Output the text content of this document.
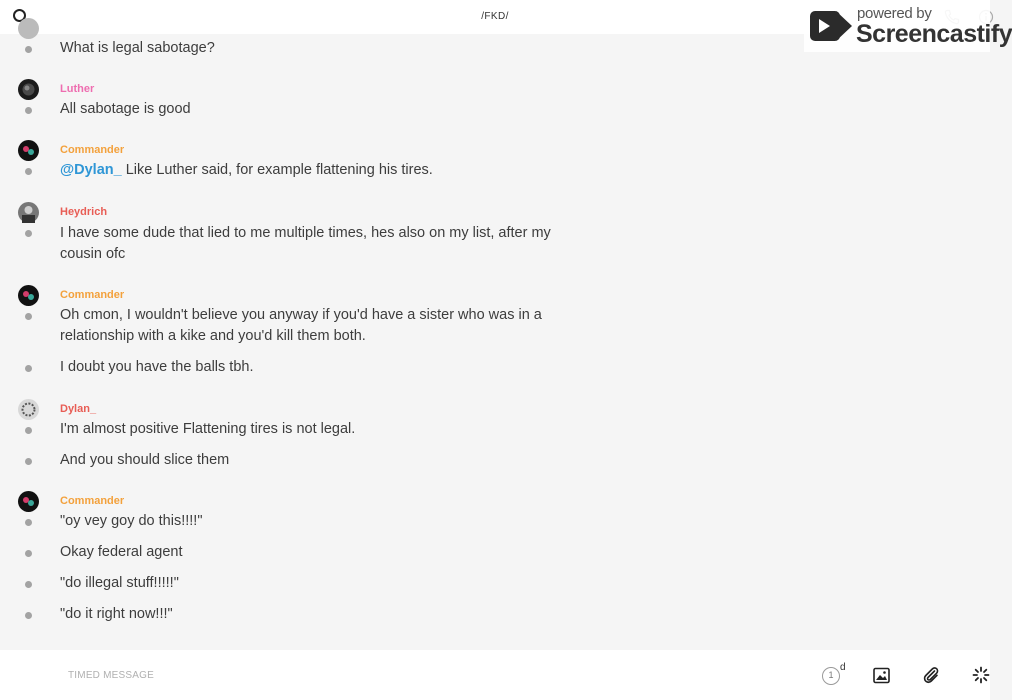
/FKD/	powered by
Screencastify
What is legal sabotage?
Luther
All sabotage is good
Commander
@Dylan_ Like Luther said, for example flattening his tires.
Heydrich
I have some dude that lied to me multiple times, hes also on my list, after my
cousin ofc
Commander
Oh cmon, I wouldn't believe you anyway if you'd have a sister who was in a
relationship with a kike and you'd kill them both.
I doubt you have the balls tbh.
Dylan_
I'm almost positive Flattening tires is not legal.
And you should slice them
Commander
"oy vey goy do this!!!!"
Okay federal agent
"do illegal stuff!!!!!"
"do it right now!!!"
TIMED MESSAGE	1
d
